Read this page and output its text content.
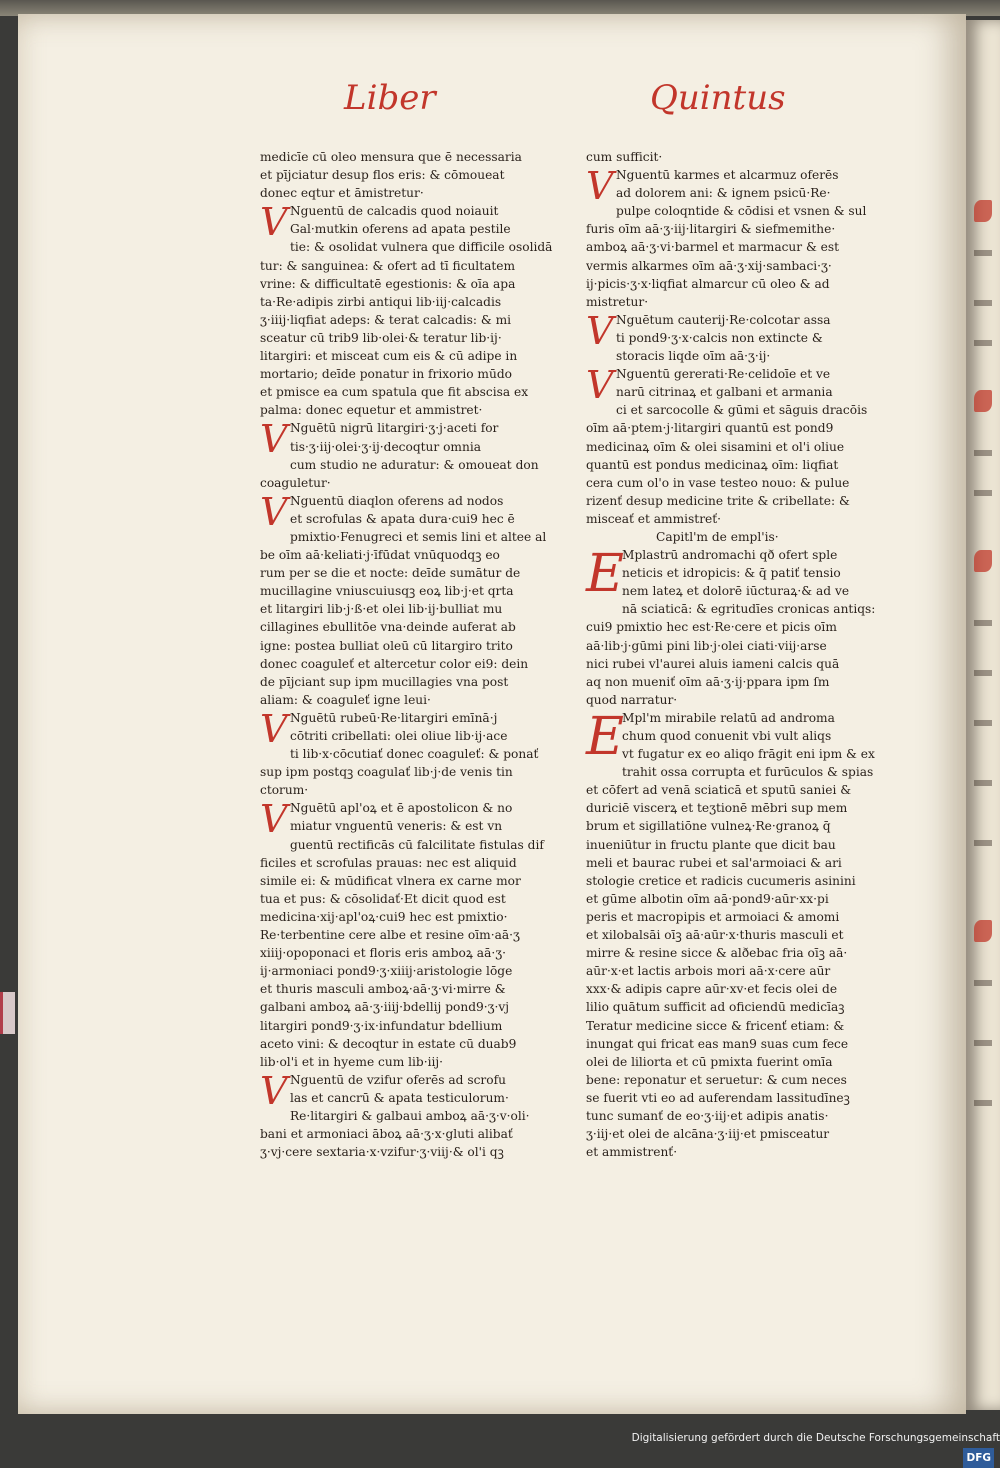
Liber	Quintus
medicīe cū oleo mensura que ē necessaria
et pījciatur desup flos eris: & cōmoueat
donec eqtur et āmistretur·
V Nguentū de calcadis quod noiauit
Gal·mutkin oferens ad apata pestile
tie: & osolidat vulnera que difficile osolidā
tur: & sanguinea: & ofert ad tī ficultatem
vrine: & difficultatē egestionis: & oīa apa
ta·Re·adipis zirbi antiqui lib·iij·calcadis
ʒ·iiij·liqfiat adeps: & terat calcadis: & mi
sceatur cū trib9 lib·olei·& teratur lib·ij·
litargiri: et misceat cum eis & cū adipe in
mortario; deīde ponatur in frixorio mūdo
et pmisce ea cum spatula que fit abscisa ex
palma: donec equetur et ammistret·
V Nguētū nigrū litargiri·ʒ·j·aceti for
tis·ʒ·iij·olei·ʒ·ij·decoqtur omnia
cum studio ne aduratur: & omoueat don
coaguletur·
V Nguentū diaqlon oferens ad nodos
et scrofulas & apata dura·cui9 hec ē
pmixtio·Fenugreci et semis lini et altee al
be oīm aā·keliati·j·īfūdat vnūquodqꝫ eo
rum per se die et nocte: deīde sumātur de
mucillagine vniuscuiusqꝫ eoꝝ lib·j·et qrta
et litargiri lib·j·ß·et olei lib·ij·bulliat mu
cillagines ebullitōe vna·deinde auferat ab
igne: postea bulliat oleū cū litargiro trito
donec coaguleť et altercetur color ei9: dein
de pījciant sup ipm mucillagies vna post
aliam: & coaguleť igne leui·
V Nguētū rubeū·Re·litargiri emīnā·j
cōtriti cribellati: olei oliue lib·ij·ace
ti lib·x·cōcutiať donec coaguleť: & ponať
sup ipm postqꝫ coagulať lib·j·de venis tin
ctorum·
V Nguētū apl'oꝝ et ē apostolicon & no
miatur vnguentū veneris: & est vn
guentū rectificās cū falcilitate fistulas dif
ficiles et scrofulas prauas: nec est aliquid
simile ei: & mūdificat vlnera ex carne mor
tua et pus: & cōsolidať·Et dicit quod est
medicina·xij·apl'oꝝ·cui9 hec est pmixtio·
Re·terbentine cere albe et resine oīm·aā·ʒ
xiiij·opoponaci et floris eris amboꝝ aā·ʒ·
ij·armoniaci pond9·ʒ·xiiij·aristologie lōge
et thuris masculi amboꝝ·aā·ʒ·vi·mirre &
galbani amboꝝ aā·ʒ·iiij·bdellij pond9·ʒ·vj
litargiri pond9·ʒ·ix·infundatur bdellium
aceto vini: & decoqtur in estate cū duab9
lib·ol'i et in hyeme cum lib·iij·
V Nguentū de vzifur oferēs ad scrofu
las et cancrū & apata testiculorum·
Re·litargiri & galbaui amboꝝ aā·ʒ·v·oli·
bani et armoniaci āboꝝ aā·ʒ·x·gluti alibať
ʒ·vj·cere sextaria·x·vzifur·ʒ·viij·& ol'i qꝫ
cum sufficit·
V Nguentū karmes et alcarmuz oferēs
ad dolorem ani: & ignem psicū·Re·
pulpe coloqntide & cōdisi et vsnen & sul
furis oīm aā·ʒ·iij·litargiri & siefmemithe·
amboꝝ aā·ʒ·vi·barmel et marmacur & est
vermis alkarmes oīm aā·ʒ·xij·sambaci·ʒ·
ij·picis·ʒ·x·liqfiat almarcur cū oleo & ad
mistretur·
V Nguētum cauterij·Re·colcotar assa
ti pond9·ʒ·x·calcis non extincte &
storacis liqde oīm aā·ʒ·ij·
V Nguentū gererati·Re·celidoīe et ve
narū citrinaꝝ et galbani et armania
ci et sarcocolle & gūmi et sāguis dracōis
oīm aā·ptem·j·litargiri quantū est pond9
medicinaꝝ oīm & olei sisamini et ol'i oliue
quantū est pondus medicinaꝝ oīm: liqfiat
cera cum ol'o in vase testeo nouo: & pulue
rizenť desup medicine trite & cribellate: &
misceať et ammistreť·
Capitl'm de empl'is·
E
Mplastrū andromachi qð ofert sple
neticis et idropicis: & q̄ patiť tensio
nem lateꝝ et dolorē iūcturaꝝ·& ad ve
nā sciaticā: & egritudīes cronicas antiqs:
cui9 pmixtio hec est·Re·cere et picis oīm
aā·lib·j·gūmi pini lib·j·olei ciati·viij·arse
nici rubei vl'aurei aluis iameni calcis quā
aq non mueniť oīm aā·ʒ·ij·ppara ipm ſm
quod narratur·
E
Mpl'm mirabile relatū ad androma
chum quod conuenit vbi vult aliqs
vt fugatur ex eo aliqo frāgit eni ipm & ex
trahit ossa corrupta et furūculos & spias
et cōfert ad venā sciaticā et sputū saniei &
duriciē viscerꝝ et teʒtionē mēbri sup mem
brum et sigillatiōne vulneꝝ·Re·granoꝝ q̄
inueniūtur in fructu plante que dicit bau
meli et baurac rubei et sal'armoiaci & ari
stologie cretice et radicis cucumeris asinini
et gūme albotin oīm aā·pond9·aūr·xx·pi
peris et macropipis et armoiaci & amomi
et xilobalsāi oīꝫ aā·aūr·x·thuris masculi et
mirre & resine sicce & alðebac fria oīꝫ aā·
aūr·x·et lactis arbois mori aā·x·cere aūr
xxx·& adipis capre aūr·xv·et fecis olei de
lilio quātum sufficit ad oficiendū medicīaꝫ
Teratur medicine sicce & fricenť etiam: &
inungat qui fricat eas man9 suas cum fece
olei de liliorta et cū pmixta fuerint omīa
bene: reponatur et seruetur: & cum neces
se fuerit vti eo ad auferendam lassitudīneꝫ
tunc sumanť de eo·ʒ·iij·et adipis anatis·
ʒ·iij·et olei de alcāna·ʒ·iij·et pmisceatur
et ammistrenť·
Digitalisierung gefördert durch die Deutsche Forschungsgemeinschaft DFG
